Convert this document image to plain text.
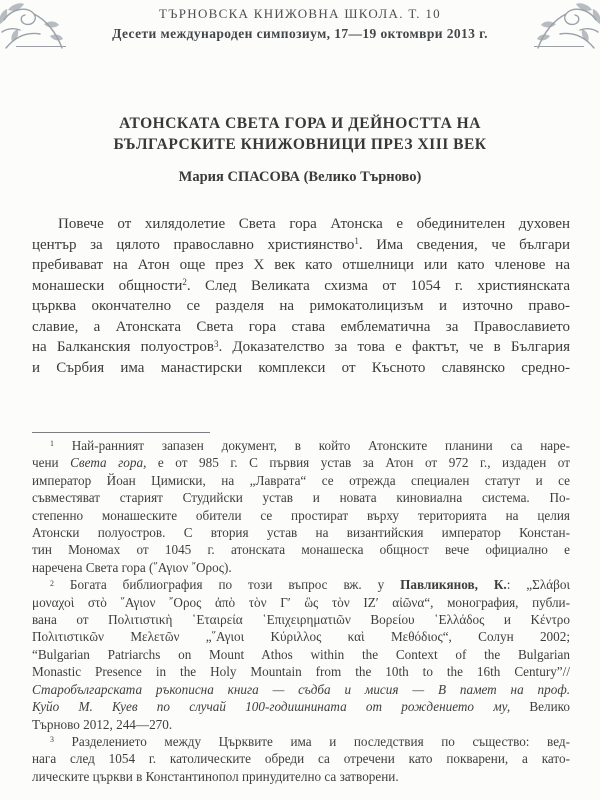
ТЪРНОВСКА КНИЖОВНА ШКОЛА. Т. 10
Десети международен симпозиум, 17—19 октомври 2013 г.
АТОНСКАТА СВЕТА ГОРА И ДЕЙНОСТТА НА
БЪЛГАРСКИТЕ КНИЖОВНИЦИ ПРЕЗ XIII ВЕК
Мария СПАСОВА (Велико Търново)
Повече от хилядолетие Света гора Атонска е обединителен духовен
център за цялото православно християнство$^1$. Има сведения, че българи
пребивават на Атон още през X век като отшелници или като членове на
монашески общности$^2$. След Великата схизма от 1054 г. християнската
църква окончателно се разделя на римокатолицизъм и източно право-
славие, а Атонската Света гора става емблематична за Православието
на Балканския полуостров$^3$. Доказателство за това е фактът, че в България
и Сърбия има манастирски комплекси от Късното славянско средно-
$^1$ Най-ранният запазен документ, в който Атонските планини са наре-
чени Света гора, е от 985 г. С първия устав за Атон от 972 г., издаден от
император Йоан Цимиски, на „Лаврата“ се отрежда специален статут и се
съвместяват старият Студийски устав и новата киновиална система. По-
степенно монашеските обители се простират върху територията на целия
Атонски полуостров. С втория устав на византийския император Констан-
тин Мономах от 1045 г. атонската монашеска общност вече официално е
наречена Света гора (῞Αγιον ῎Ορος).
$^2$ Богата библиография по този въпрос вж. у Павликянов, К.: „Σλάβοι
μοναχοὶ στὸ ῞Αγιον ῎Ορος ἀπὸ τὸν Γ′ ὣς τὸν ΙΖ′ αἰῶνα“, монография, публи-
вана от Πολιτιστικὴ ῾Εταιρεία ῾Επιχειρηματιῶν Βορείου ῾Ελλάδος и Κέντρο
Πολιτιστικῶν Μελετῶν „῞Αγιοι Κύριλλος καὶ Μεθόδιος“, Солун 2002;
“Bulgarian Patriarchs on Mount Athos within the Context of the Bulgarian
Monastic Presence in the Holy Mountain from the 10th to the 16th Century”//
Старобългарската ръкописна книга — съдба и мисия — В памет на проф.
Куйо М. Куев по случай 100-годишнината от рождението му, Велико
Търново 2012, 244—270.
$^3$ Разделението между Църквите има и последствия по същество: вед-
нага след 1054 г. католическите обреди са отречени като покварени, а като-
лическите църкви в Константинопол принудително са затворени.
